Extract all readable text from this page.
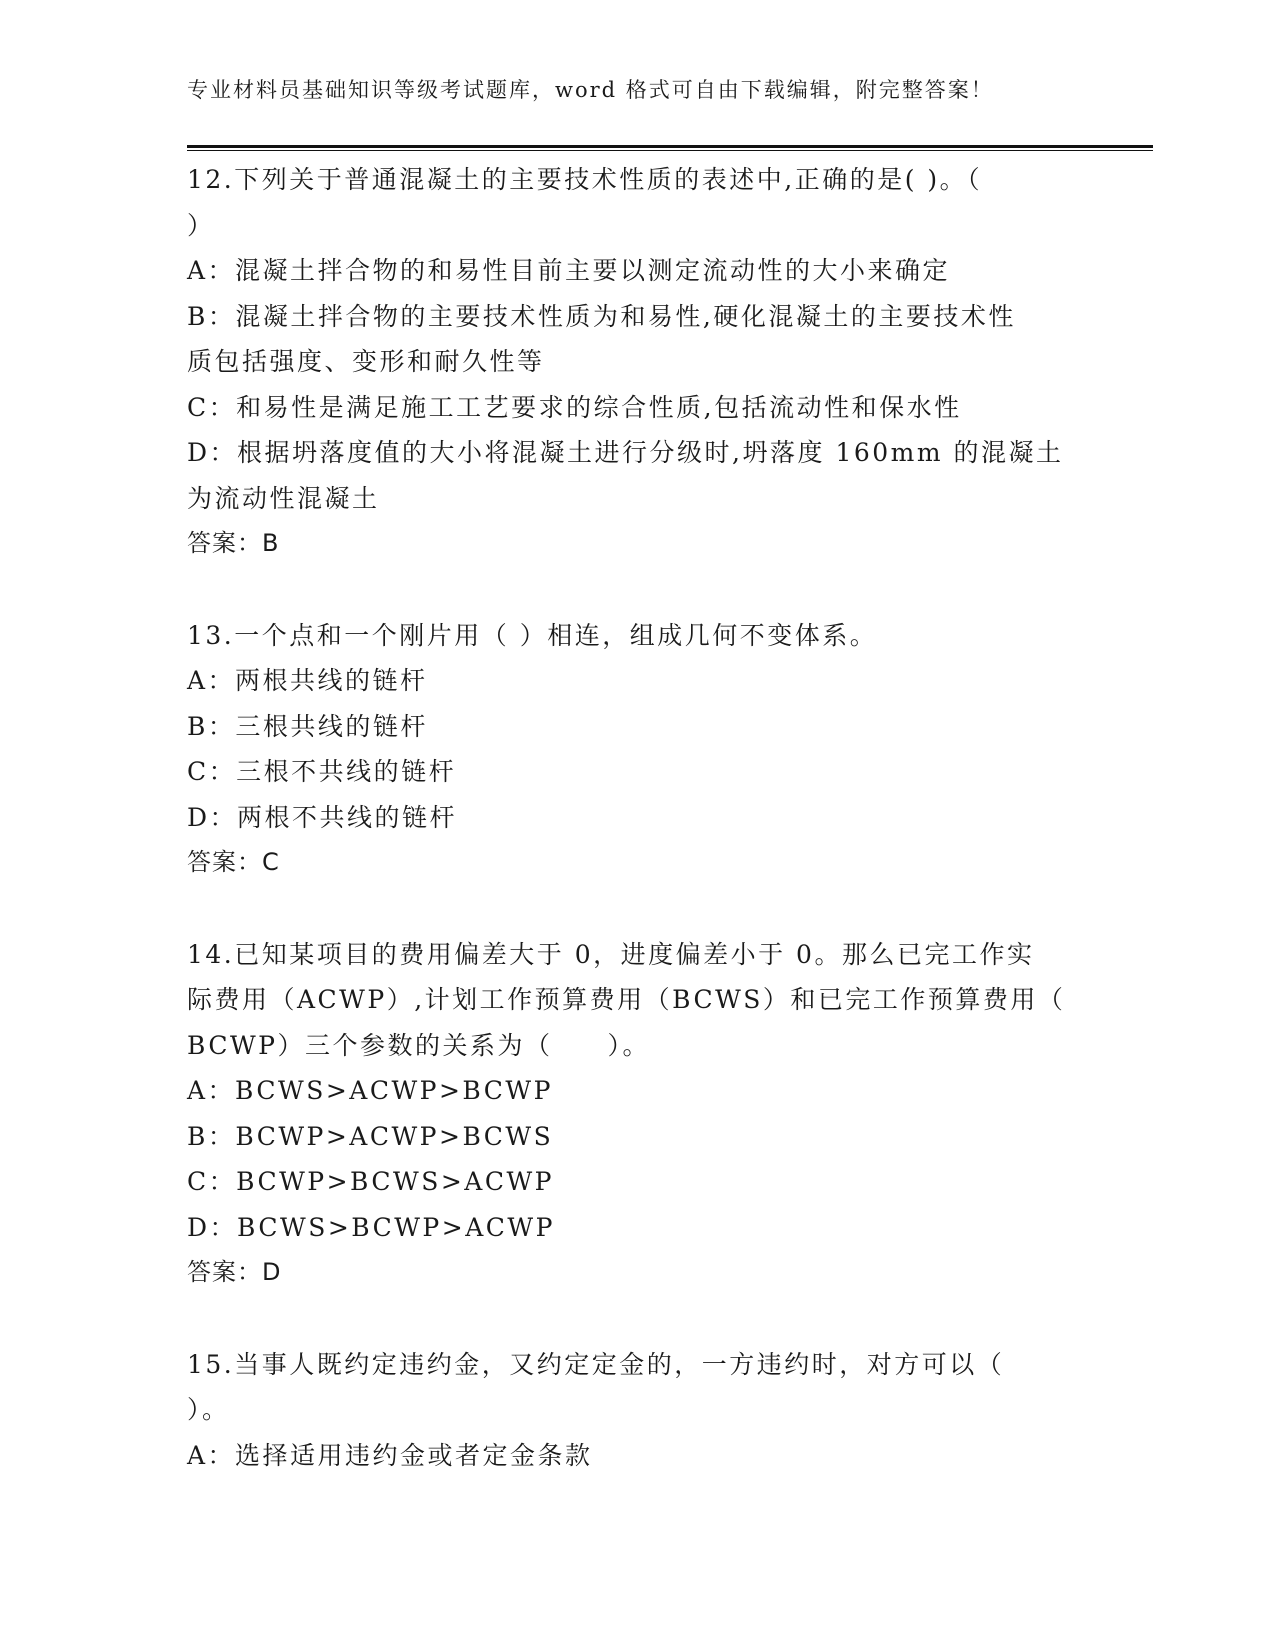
专业材料员基础知识等级考试题库，word 格式可自由下载编辑，附完整答案！
12.下列关于普通混凝土的主要技术性质的表述中,正确的是( )。（
）
A：混凝土拌合物的和易性目前主要以测定流动性的大小来确定
B：混凝土拌合物的主要技术性质为和易性,硬化混凝土的主要技术性
质包括强度、变形和耐久性等
C：和易性是满足施工工艺要求的综合性质,包括流动性和保水性
D：根据坍落度值的大小将混凝土进行分级时,坍落度 160mm 的混凝土
为流动性混凝土
答案：B
13.一个点和一个刚片用（ ）相连，组成几何不变体系。
A：两根共线的链杆
B：三根共线的链杆
C：三根不共线的链杆
D：两根不共线的链杆
答案：C
14.已知某项目的费用偏差大于 0，进度偏差小于 0。那么已完工作实
际费用（ACWP）,计划工作预算费用（BCWS）和已完工作预算费用（
BCWP）三个参数的关系为（　　）。
A：BCWS>ACWP>BCWP
B：BCWP>ACWP>BCWS
C：BCWP>BCWS>ACWP
D：BCWS>BCWP>ACWP
答案：D
15.当事人既约定违约金，又约定定金的，一方违约时，对方可以（
）。
A：选择适用违约金或者定金条款
